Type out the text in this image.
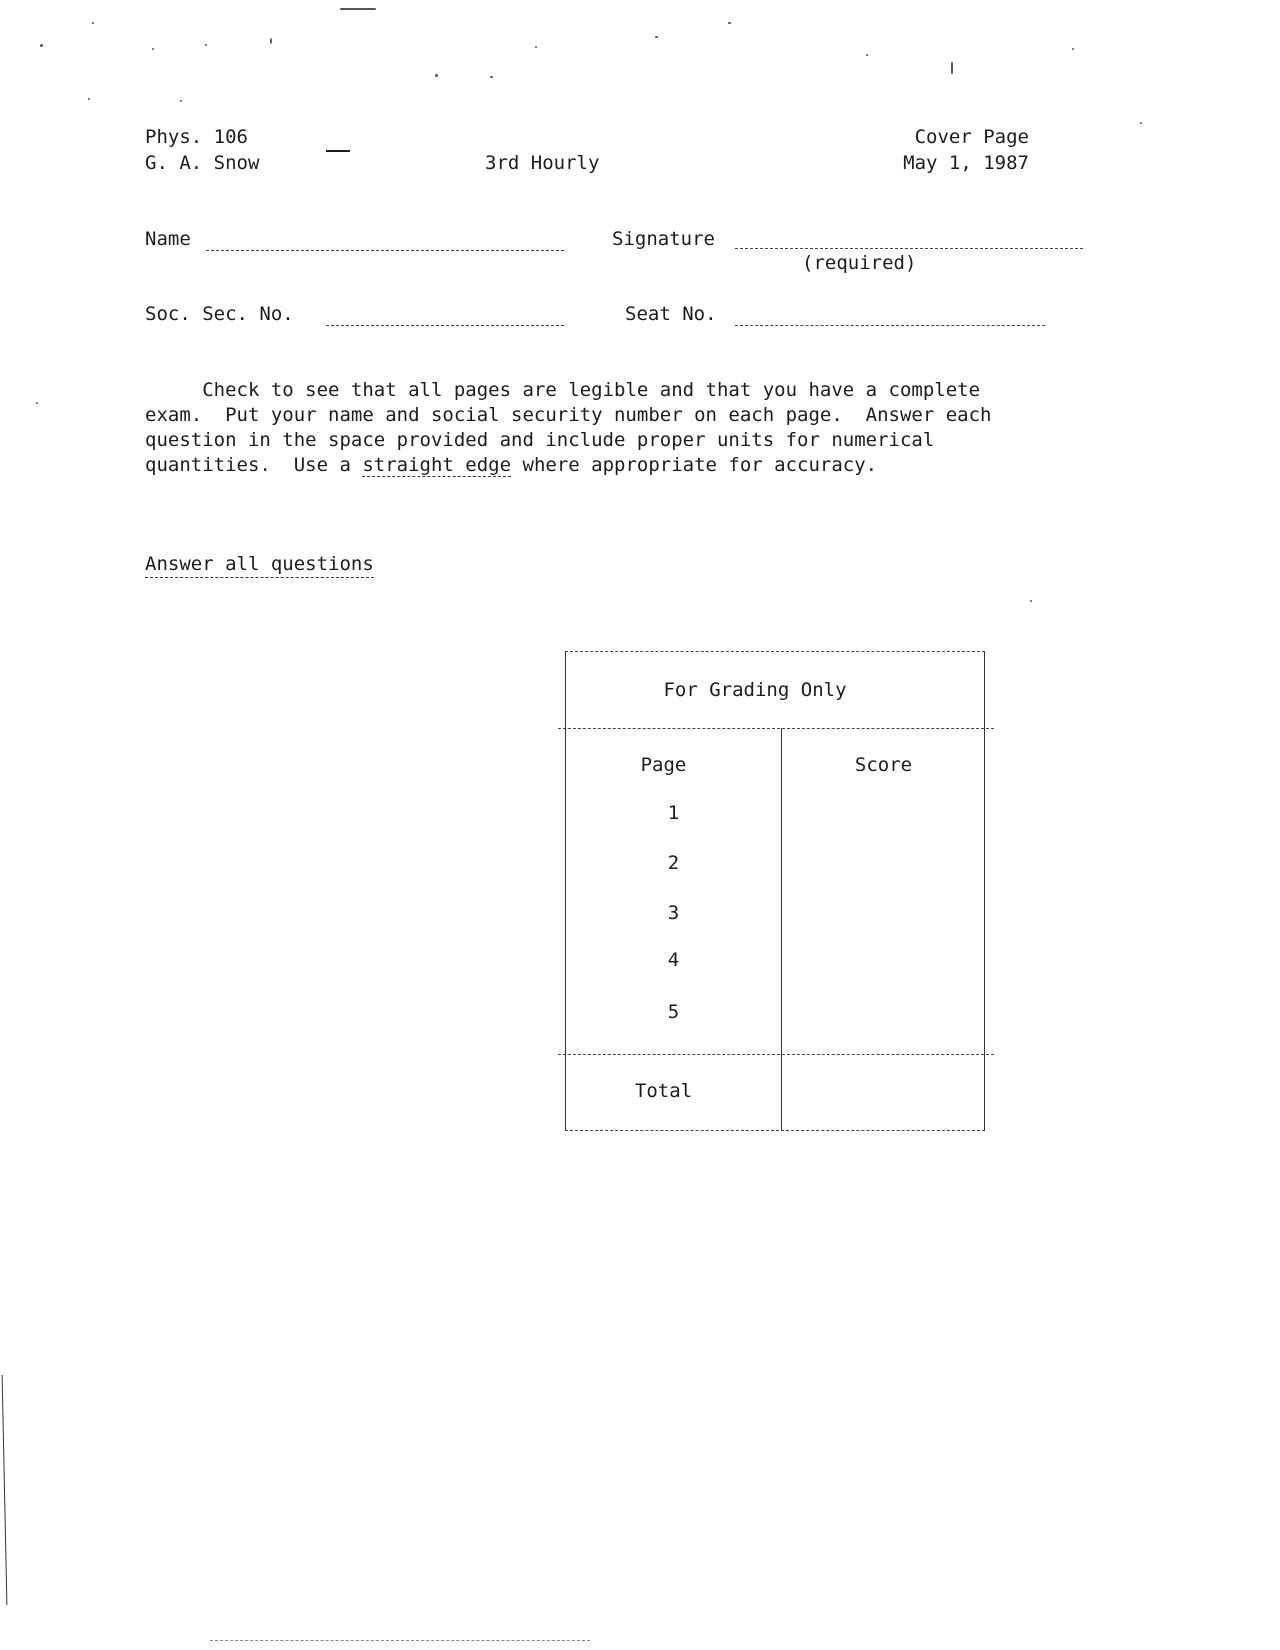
Phys. 106
G. A. Snow	3rd Hourly
Cover Page
May 1, 1987
Name	Signature
(required)
Soc. Sec. No.	Seat No.
Check to see that all pages are legible and that you have a complete
exam.  Put your name and social security number on each page.  Answer each
question in the space provided and include proper units for numerical
quantities.  Use a straight edge where appropriate for accuracy.
Answer all questions
For Grading Only
Page	Score
1
2
3
4
5
Total
